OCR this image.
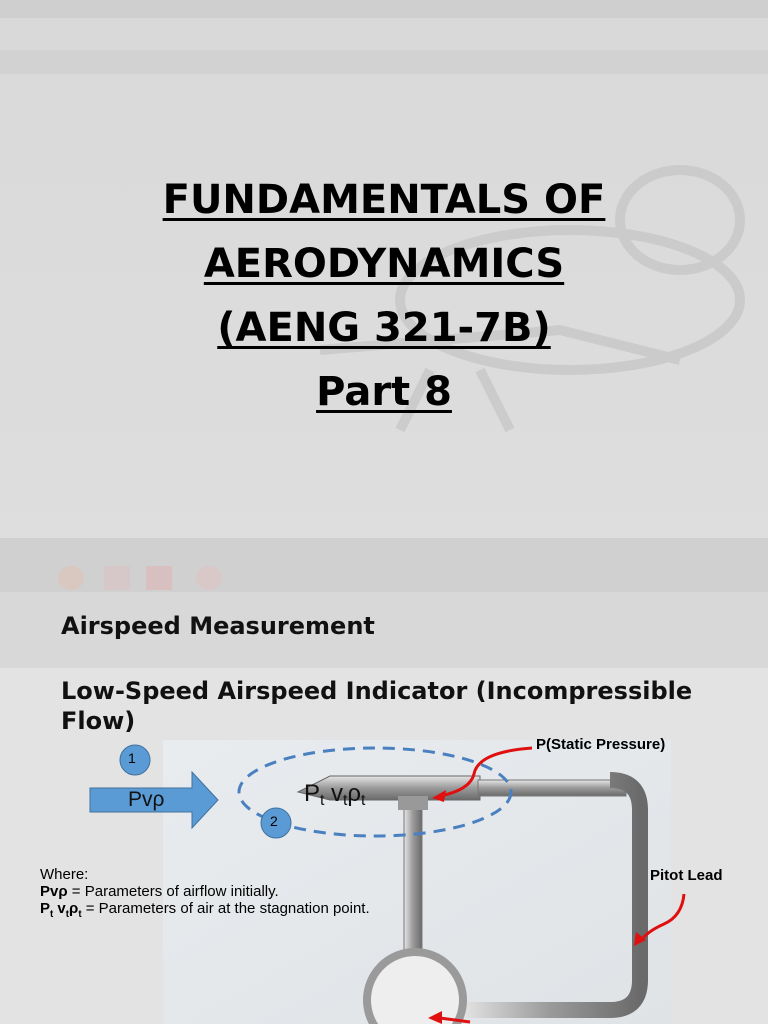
FUNDAMENTALS OF
AERODYNAMICS
(AENG 321-7B)
Part 8
Airspeed Measurement
Low-Speed Airspeed Indicator (Incompressible Flow)
1
2
Pvρ	$P_t$ $v_t\rho_t$
P(Static Pressure)
Pitot Lead
Where:
Pvρ = Parameters of airflow initially.
$P_t$ $v_t\rho_t$ = Parameters of air at the stagnation point.
